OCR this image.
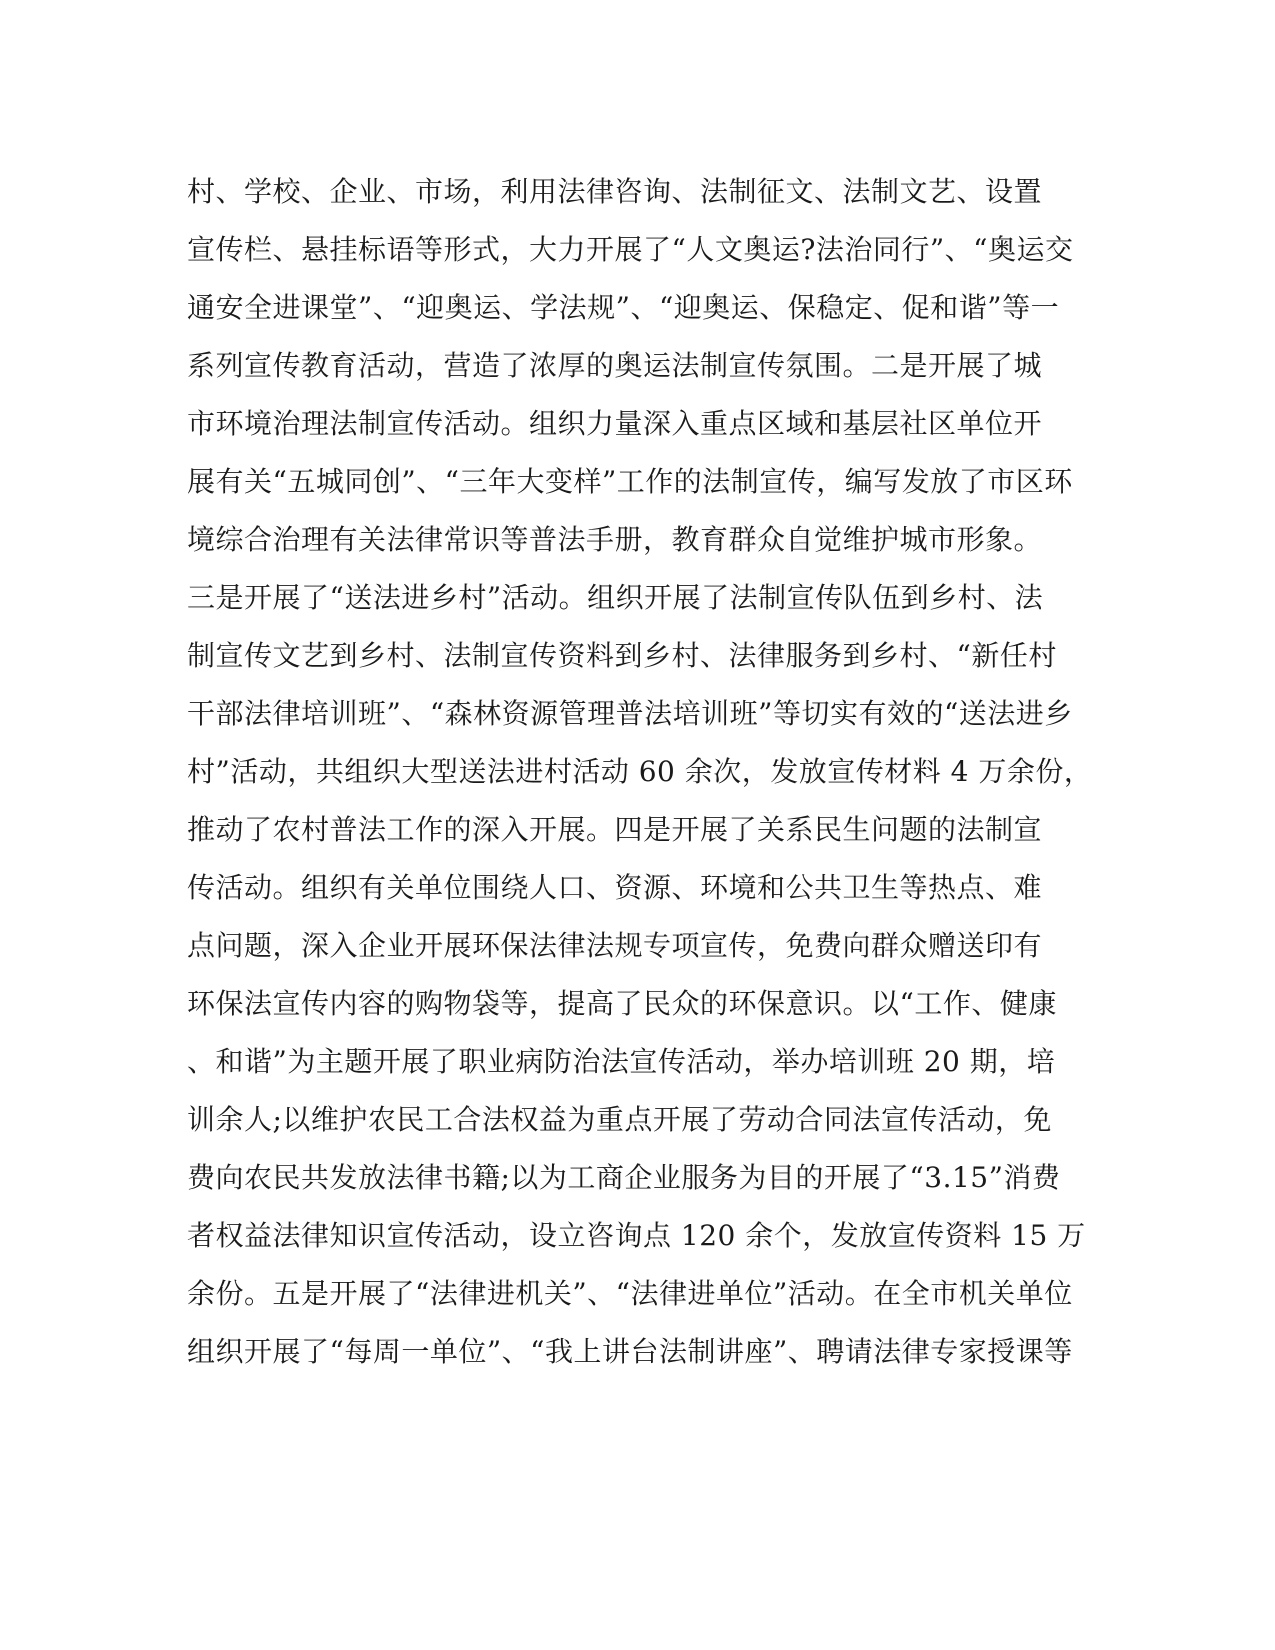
村、学校、企业、市场，利用法律咨询、法制征文、法制文艺、设置
宣传栏、悬挂标语等形式，大力开展了“人文奥运?法治同行”、“奥运交
通安全进课堂”、“迎奥运、学法规”、“迎奥运、保稳定、促和谐”等一
系列宣传教育活动，营造了浓厚的奥运法制宣传氛围。二是开展了城
市环境治理法制宣传活动。组织力量深入重点区域和基层社区单位开
展有关“五城同创”、“三年大变样”工作的法制宣传，编写发放了市区环
境综合治理有关法律常识等普法手册，教育群众自觉维护城市形象。
三是开展了“送法进乡村”活动。组织开展了法制宣传队伍到乡村、法
制宣传文艺到乡村、法制宣传资料到乡村、法律服务到乡村、“新任村
干部法律培训班”、“森林资源管理普法培训班”等切实有效的“送法进乡
村”活动，共组织大型送法进村活动 60 余次，发放宣传材料 4 万余份，
推动了农村普法工作的深入开展。四是开展了关系民生问题的法制宣
传活动。组织有关单位围绕人口、资源、环境和公共卫生等热点、难
点问题，深入企业开展环保法律法规专项宣传，免费向群众赠送印有
环保法宣传内容的购物袋等，提高了民众的环保意识。以“工作、健康
、和谐”为主题开展了职业病防治法宣传活动，举办培训班 20 期，培
训余人;以维护农民工合法权益为重点开展了劳动合同法宣传活动，免
费向农民共发放法律书籍;以为工商企业服务为目的开展了“3.15”消费
者权益法律知识宣传活动，设立咨询点 120 余个，发放宣传资料 15 万
余份。五是开展了“法律进机关”、“法律进单位”活动。在全市机关单位
组织开展了“每周一单位”、“我上讲台法制讲座”、聘请法律专家授课等
